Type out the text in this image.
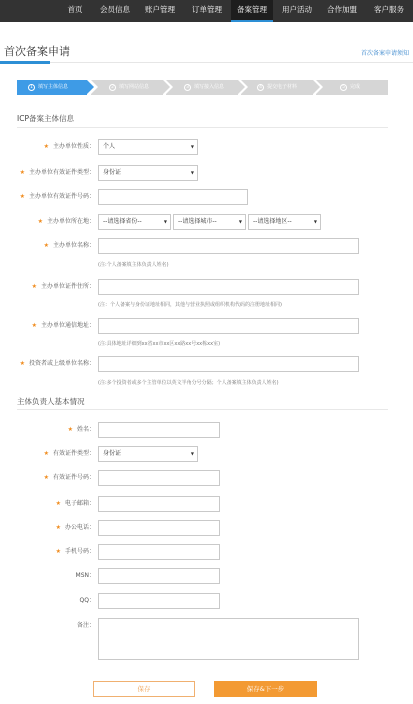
首页	会员信息	账户管理	订单管理	备案管理	用户活动	合作加盟	客户服务
首次备案申请	首次备案申请须知
1	填写主体信息	2	填写网站信息	3	填写接入信息	4	提交电子材料	5	完成
ICP备案主体信息
★ 主办单位性质：	个人 ▼
★ 主办单位有效证件类型：	身份证 ▼
★ 主办单位有效证件号码：
★ 主办单位所在地：	--请选择省份-- ▼	--请选择城市-- ▼	--请选择地区-- ▼
★ 主办单位名称：
(注:个人备案填主体负责人姓名)
★ 主办单位证件住所：
(注：个人备案与身份证地址相同，其他与营业执照或组织机构代码的注册地址相同)
★ 主办单位通信地址：
(注:具体地址详细到xx省xx市xx区xx路xx号xx栋xx室)
★ 投资者或上级单位名称：
(注:多个投资者或多个主管单位以英文半角分号分隔；个人备案填主体负责人姓名)
主体负责人基本情况
★ 姓名：
★ 有效证件类型：	身份证 ▼
★ 有效证件号码：
★ 电子邮箱：
★ 办公电话：
★ 手机号码：
MSN：
QQ：
备注：
保存	保存&下一步
